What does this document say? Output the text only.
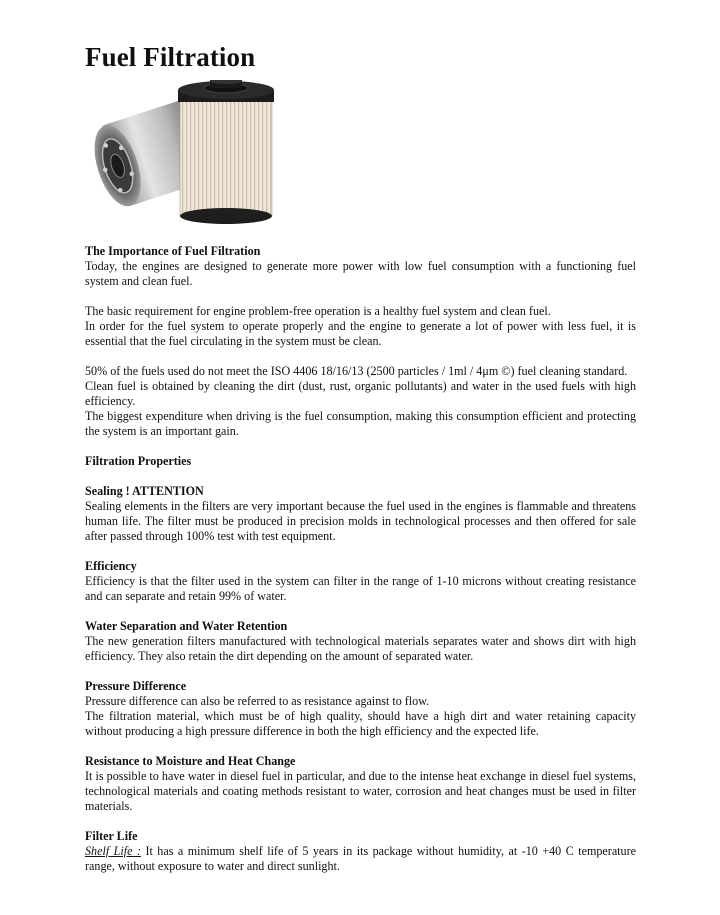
Fuel Filtration

The Importance of Fuel Filtration

Today, the engines are designed to generate more power with low fuel consumption with a functioning fuel system and clean fuel.

The basic requirement for engine problem-free operation is a healthy fuel system and clean fuel.

In order for the fuel system to operate properly and the engine to generate a lot of power with less fuel, it is essential that the fuel circulating in the system must be clean.

50% of the fuels used do not meet the ISO 4406 18/16/13 (2500 particles / 1ml / 4μm ©) fuel cleaning standard.

Clean fuel is obtained by cleaning the dirt (dust, rust, organic pollutants) and water in the used fuels with high efficiency.

The biggest expenditure when driving is the fuel consumption, making this consumption efficient and protecting the system is an important gain.

Filtration Properties

Sealing ! ATTENTION

Sealing elements in the filters are very important because the fuel used in the engines is flammable and threatens human life. The filter must be produced in precision molds in technological processes and then offered for sale after passed through 100% test with test equipment.

Efficiency

Efficiency is that the filter used in the system can filter in the range of 1-10 microns without creating resistance and can separate and retain 99% of water.

Water Separation and Water Retention

The new generation filters manufactured with technological materials separates water and shows dirt with high efficiency. They also retain the dirt depending on the amount of separated water.

Pressure Difference

Pressure difference can also be referred to as resistance against to flow.

The filtration material, which must be of high quality, should have a high dirt and water retaining capacity without producing a high pressure difference in both the high efficiency and the expected life.

Resistance to Moisture and Heat Change

It is possible to have water in diesel fuel in particular, and due to the intense heat exchange in diesel fuel systems, technological materials and coating methods resistant to water, corrosion and heat changes must be used in filter materials.

Filter Life

Shelf Life : It has a minimum shelf life of 5 years in its package without humidity, at -10 +40 C temperature range, without exposure to water and direct sunlight.
